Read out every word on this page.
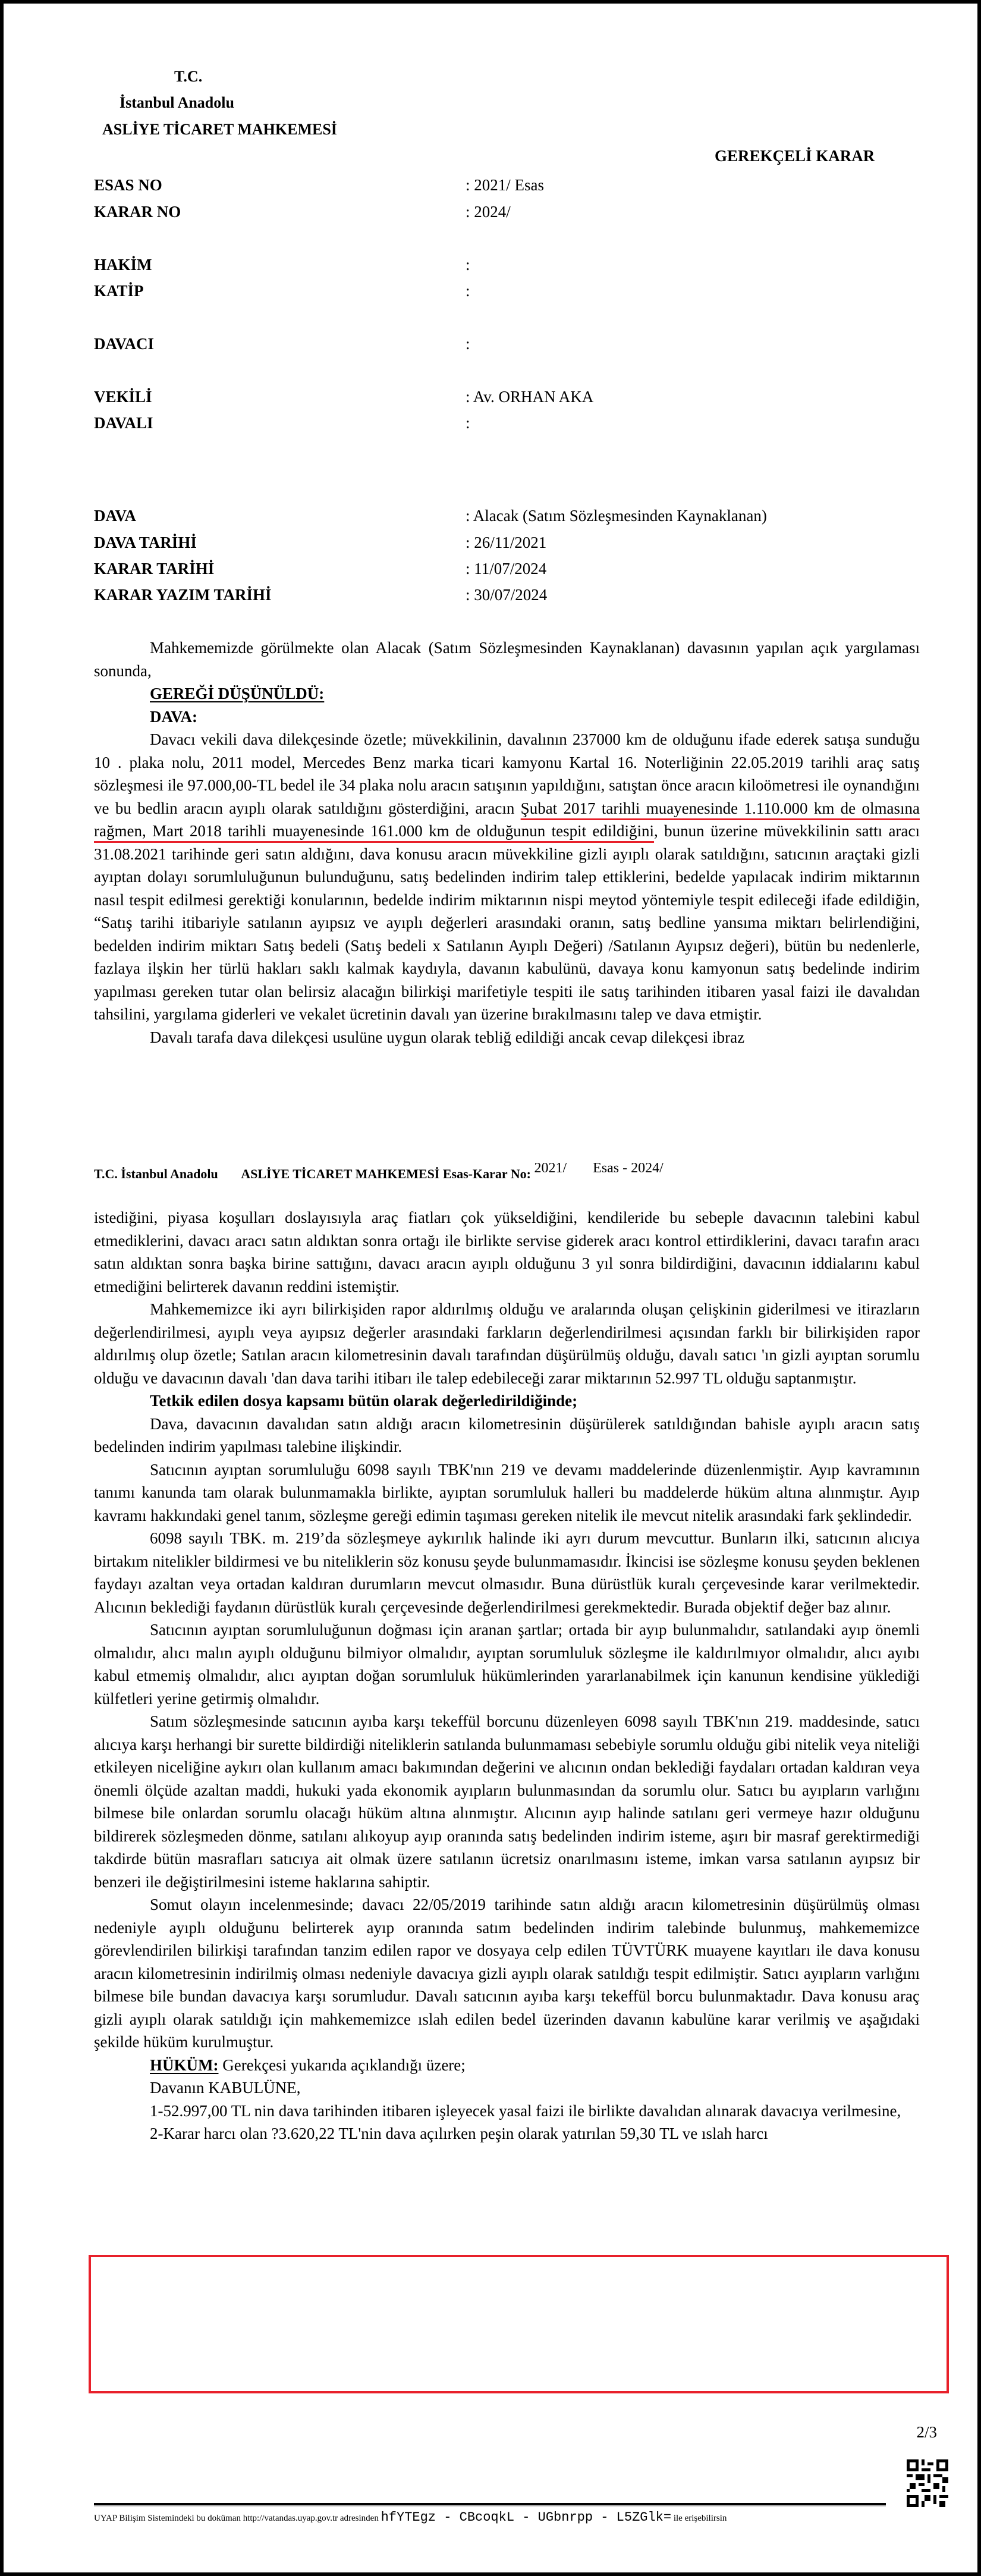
T.C.
İstanbul Anadolu
ASLİYE TİCARET MAHKEMESİ
GEREKÇELİ KARAR
ESAS NO	: 2021/ Esas
KARAR NO	: 2024/
HAKİM	:
KATİP	:
DAVACI	:
VEKİLİ	: Av. ORHAN AKA
DAVALI	:
DAVA	: Alacak (Satım Sözleşmesinden Kaynaklanan)
DAVA TARİHİ	: 26/11/2021
KARAR TARİHİ	: 11/07/2024
KARAR YAZIM TARİHİ	: 30/07/2024

Mahkememizde görülmekte olan Alacak (Satım Sözleşmesinden Kaynaklanan) davasının yapılan açık yargılaması sonunda,

GEREĞİ DÜŞÜNÜLDÜ:

DAVA:

Davacı vekili dava dilekçesinde özetle; müvekkilinin, davalının 237000 km de olduğunu ifade ederek satışa sunduğu 10 . plaka nolu, 2011 model, Mercedes Benz marka ticari kamyonu Kartal 16. Noterliğinin 22.05.2019 tarihli araç satış sözleşmesi ile 97.000,00-TL bedel ile 34 plaka nolu aracın satışının yapıldığını, satıştan önce aracın kiloömetresi ile oynandığını ve bu bedlin aracın ayıplı olarak satıldığını gösterdiğini, aracın Şubat 2017 tarihli muayenesinde 1.110.000 km de olmasına rağmen, Mart 2018 tarihli muayenesinde 161.000 km de olduğunun tespit edildiğini, bunun üzerine müvekkilinin sattı aracı 31.08.2021 tarihinde geri satın aldığını, dava konusu aracın müvekkiline gizli ayıplı olarak satıldığını, satıcının araçtaki gizli ayıptan dolayı sorumluluğunun bulunduğunu, satış bedelinden indirim talep ettiklerini, bedelde yapılacak indirim miktarının nasıl tespit edilmesi gerektiği konularının, bedelde indirim miktarının nispi meytod yöntemiyle tespit edileceği ifade edildiğin, “Satış tarihi itibariyle satılanın ayıpsız ve ayıplı değerleri arasındaki oranın, satış bedline yansıma miktarı belirlendiğini, bedelden indirim miktarı Satış bedeli (Satış bedeli x Satılanın Ayıplı Değeri) /Satılanın Ayıpsız değeri), bütün bu nedenlerle, fazlaya ilşkin her türlü hakları saklı kalmak kaydıyla, davanın kabulünü, davaya konu kamyonun satış bedelinde indirim yapılması gereken tutar olan belirsiz alacağın bilirkişi marifetiyle tespiti ile satış tarihinden itibaren yasal faizi ile davalıdan tahsilini, yargılama giderleri ve vekalet ücretinin davalı yan üzerine bırakılmasını talep ve dava etmiştir.

Davalı tarafa dava dilekçesi usulüne uygun olarak tebliğ edildiği ancak cevap dilekçesi ibraz

T.C. İstanbul Anadolu ASLİYE TİCARET MAHKEMESİ Esas-Karar No: $^{2021/}$ $^{Esas - 2024/}$

istediğini, piyasa koşulları doslayısıyla araç fiatları çok yükseldiğini, kendileride bu sebeple davacının talebini kabul etmediklerini, davacı aracı satın aldıktan sonra ortağı ile birlikte servise giderek aracı kontrol ettirdiklerini, davacı tarafın aracı satın aldıktan sonra başka birine sattığını, davacı aracın ayıplı olduğunu 3 yıl sonra bildirdiğini, davacının iddialarını kabul etmediğini belirterek davanın reddini istemiştir.

Mahkememizce iki ayrı bilirkişiden rapor aldırılmış olduğu ve aralarında oluşan çelişkinin giderilmesi ve itirazların değerlendirilmesi, ayıplı veya ayıpsız değerler arasındaki farkların değerlendirilmesi açısından farklı bir bilirkişiden rapor aldırılmış olup özetle; Satılan aracın kilometresinin davalı tarafından düşürülmüş olduğu, davalı satıcı 'ın gizli ayıptan sorumlu olduğu ve davacının davalı 'dan dava tarihi itibarı ile talep edebileceği zarar miktarının 52.997 TL olduğu saptanmıştır.

Tetkik edilen dosya kapsamı bütün olarak değerledirildiğinde;

Dava, davacının davalıdan satın aldığı aracın kilometresinin düşürülerek satıldığından bahisle ayıplı aracın satış bedelinden indirim yapılması talebine ilişkindir.

Satıcının ayıptan sorumluluğu 6098 sayılı TBK'nın 219 ve devamı maddelerinde düzenlenmiştir. Ayıp kavramının tanımı kanunda tam olarak bulunmamakla birlikte, ayıptan sorumluluk halleri bu maddelerde hüküm altına alınmıştır. Ayıp kavramı hakkındaki genel tanım, sözleşme gereği edimin taşıması gereken nitelik ile mevcut nitelik arasındaki fark şeklindedir.

6098 sayılı TBK. m. 219’da sözleşmeye aykırılık halinde iki ayrı durum mevcuttur. Bunların ilki, satıcının alıcıya birtakım nitelikler bildirmesi ve bu niteliklerin söz konusu şeyde bulunmamasıdır. İkincisi ise sözleşme konusu şeyden beklenen faydayı azaltan veya ortadan kaldıran durumların mevcut olmasıdır. Buna dürüstlük kuralı çerçevesinde karar verilmektedir. Alıcının beklediği faydanın dürüstlük kuralı çerçevesinde değerlendirilmesi gerekmektedir. Burada objektif değer baz alınır.

Satıcının ayıptan sorumluluğunun doğması için aranan şartlar; ortada bir ayıp bulunmalıdır, satılandaki ayıp önemli olmalıdır, alıcı malın ayıplı olduğunu bilmiyor olmalıdır, ayıptan sorumluluk sözleşme ile kaldırılmıyor olmalıdır, alıcı ayıbı kabul etmemiş olmalıdır, alıcı ayıptan doğan sorumluluk hükümlerinden yararlanabilmek için kanunun kendisine yüklediği külfetleri yerine getirmiş olmalıdır.

Satım sözleşmesinde satıcının ayıba karşı tekeffül borcunu düzenleyen 6098 sayılı TBK'nın 219. maddesinde, satıcı alıcıya karşı herhangi bir surette bildirdiği niteliklerin satılanda bulunmaması sebebiyle sorumlu olduğu gibi nitelik veya niteliği etkileyen niceliğine aykırı olan kullanım amacı bakımından değerini ve alıcının ondan beklediği faydaları ortadan kaldıran veya önemli ölçüde azaltan maddi, hukuki yada ekonomik ayıpların bulunmasından da sorumlu olur. Satıcı bu ayıpların varlığını bilmese bile onlardan sorumlu olacağı hüküm altına alınmıştır. Alıcının ayıp halinde satılanı geri vermeye hazır olduğunu bildirerek sözleşmeden dönme, satılanı alıkoyup ayıp oranında satış bedelinden indirim isteme, aşırı bir masraf gerektirmediği takdirde bütün masrafları satıcıya ait olmak üzere satılanın ücretsiz onarılmasını isteme, imkan varsa satılanın ayıpsız bir benzeri ile değiştirilmesini isteme haklarına sahiptir.

Somut olayın incelenmesinde; davacı 22/05/2019 tarihinde satın aldığı aracın kilometresinin düşürülmüş olması nedeniyle ayıplı olduğunu belirterek ayıp oranında satım bedelinden indirim talebinde bulunmuş, mahkememizce görevlendirilen bilirkişi tarafından tanzim edilen rapor ve dosyaya celp edilen TÜVTÜRK muayene kayıtları ile dava konusu aracın kilometresinin indirilmiş olması nedeniyle davacıya gizli ayıplı olarak satıldığı tespit edilmiştir. Satıcı ayıpların varlığını bilmese bile bundan davacıya karşı sorumludur. Davalı satıcının ayıba karşı tekeffül borcu bulunmaktadır. Dava konusu araç gizli ayıplı olarak satıldığı için mahkememizce ıslah edilen bedel üzerinden davanın kabulüne karar verilmiş ve aşağıdaki şekilde hüküm kurulmuştur.

HÜKÜM: Gerekçesi yukarıda açıklandığı üzere;

Davanın KABULÜNE,

1-52.997,00 TL nin dava tarihinden itibaren işleyecek yasal faizi ile birlikte davalıdan alınarak davacıya verilmesine,

2-Karar harcı olan ?3.620,22 TL'nin dava açılırken peşin olarak yatırılan 59,30 TL ve ıslah harcı

2/3
UYAP Bilişim Sistemindeki bu doküman http://vatandas.uyap.gov.tr adresinden hfYTEgz - CBcoqkL - UGbnrpp - L5ZGlk= ile erişebilirsin
